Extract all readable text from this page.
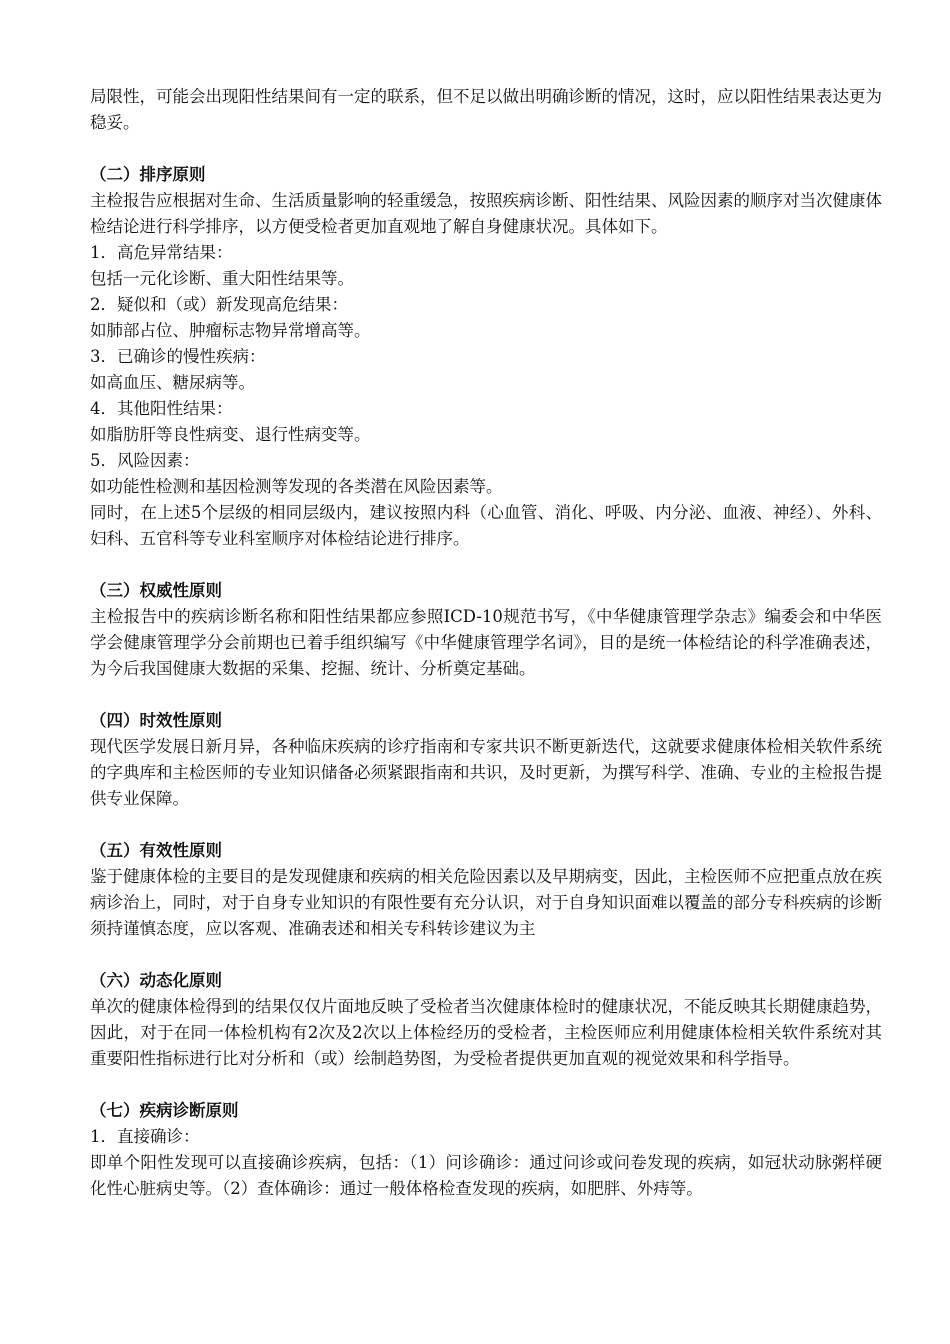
局限性，可能会出现阳性结果间有一定的联系，但不足以做出明确诊断的情况，这时，应以阳性结果表达更为稳妥。

（二）排序原则

主检报告应根据对生命、生活质量影响的轻重缓急，按照疾病诊断、阳性结果、风险因素的顺序对当次健康体检结论进行科学排序，以方便受检者更加直观地了解自身健康状况。具体如下。

1．高危异常结果：

包括一元化诊断、重大阳性结果等。

2．疑似和（或）新发现高危结果：

如肺部占位、肿瘤标志物异常增高等。

3．已确诊的慢性疾病：

如高血压、糖尿病等。

4．其他阳性结果：

如脂肪肝等良性病变、退行性病变等。

5．风险因素：

如功能性检测和基因检测等发现的各类潜在风险因素等。

同时，在上述5个层级的相同层级内，建议按照内科（心血管、消化、呼吸、内分泌、血液、神经）、外科、妇科、五官科等专业科室顺序对体检结论进行排序。

（三）权威性原则

主检报告中的疾病诊断名称和阳性结果都应参照ICD-10规范书写，《中华健康管理学杂志》编委会和中华医学会健康管理学分会前期也已着手组织编写《中华健康管理学名词》，目的是统一体检结论的科学准确表述，为今后我国健康大数据的采集、挖掘、统计、分析奠定基础。

（四）时效性原则

现代医学发展日新月异，各种临床疾病的诊疗指南和专家共识不断更新迭代，这就要求健康体检相关软件系统的字典库和主检医师的专业知识储备必须紧跟指南和共识，及时更新，为撰写科学、准确、专业的主检报告提供专业保障。

（五）有效性原则

鉴于健康体检的主要目的是发现健康和疾病的相关危险因素以及早期病变，因此，主检医师不应把重点放在疾病诊治上，同时，对于自身专业知识的有限性要有充分认识，对于自身知识面难以覆盖的部分专科疾病的诊断须持谨慎态度，应以客观、准确表述和相关专科转诊建议为主

（六）动态化原则

单次的健康体检得到的结果仅仅片面地反映了受检者当次健康体检时的健康状况，不能反映其长期健康趋势，因此，对于在同一体检机构有2次及2次以上体检经历的受检者，主检医师应利用健康体检相关软件系统对其重要阳性指标进行比对分析和（或）绘制趋势图，为受检者提供更加直观的视觉效果和科学指导。

（七）疾病诊断原则

1．直接确诊：

即单个阳性发现可以直接确诊疾病，包括：（1）问诊确诊：通过问诊或问卷发现的疾病，如冠状动脉粥样硬化性心脏病史等。（2）查体确诊：通过一般体格检查发现的疾病，如肥胖、外痔等。
